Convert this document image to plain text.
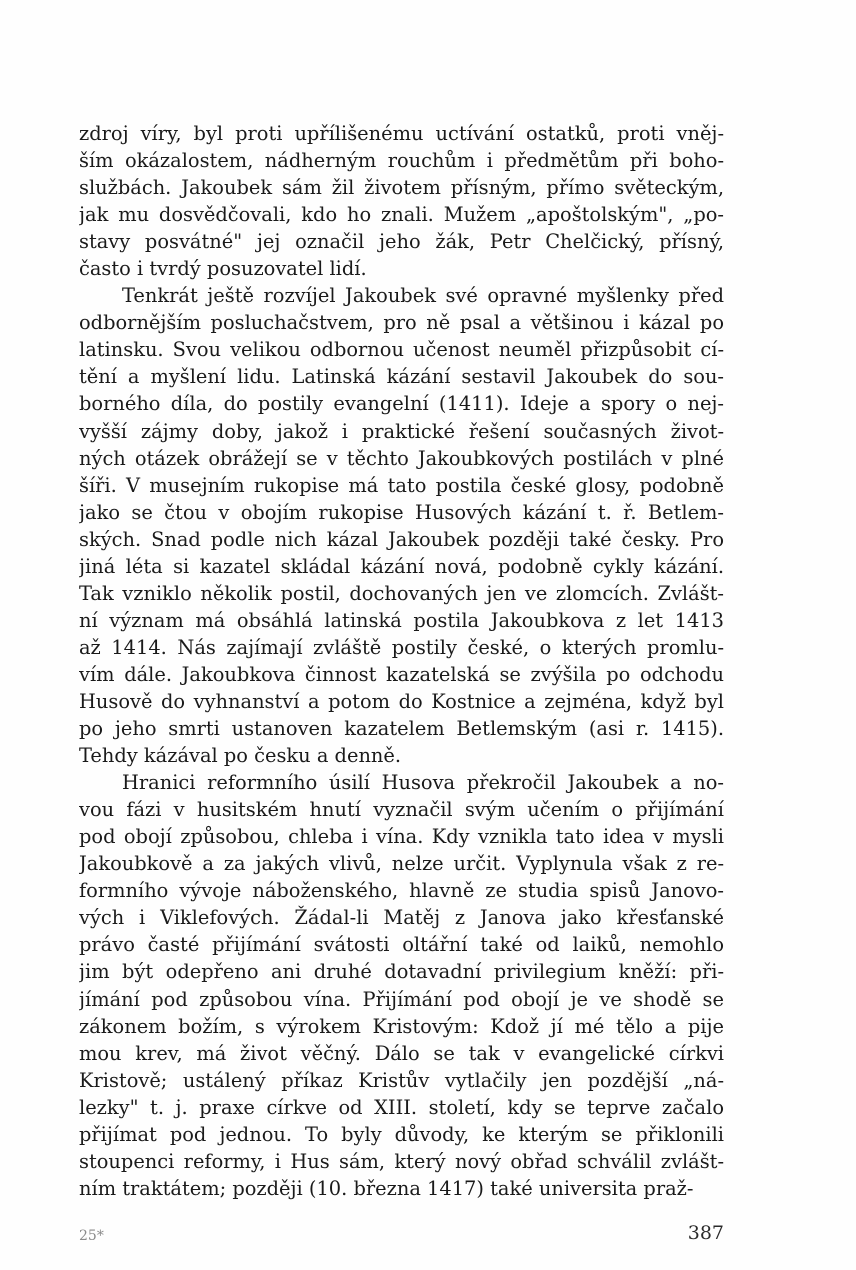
zdroj víry, byl proti upřílišenému uctívání ostatků, proti vněj-
ším okázalostem, nádherným rouchům i předmětům při boho-
službách. Jakoubek sám žil životem přísným, přímo světeckým,
jak mu dosvědčovali, kdo ho znali. Mužem „apoštolským", „po-
stavy posvátné" jej označil jeho žák, Petr Chelčický, přísný,
často i tvrdý posuzovatel lidí.
Tenkrát ještě rozvíjel Jakoubek své opravné myšlenky před
odbornějším posluchačstvem, pro ně psal a většinou i kázal po
latinsku. Svou velikou odbornou učenost neuměl přizpůsobit cí-
tění a myšlení lidu. Latinská kázání sestavil Jakoubek do sou-
borného díla, do postily evangelní (1411). Ideje a spory o nej-
vyšší zájmy doby, jakož i praktické řešení současných život-
ných otázek obrážejí se v těchto Jakoubkových postilách v plné
šíři. V musejním rukopise má tato postila české glosy, podobně
jako se čtou v obojím rukopise Husových kázání t. ř. Betlem-
ských. Snad podle nich kázal Jakoubek později také česky. Pro
jiná léta si kazatel skládal kázání nová, podobně cykly kázání.
Tak vzniklo několik postil, dochovaných jen ve zlomcích. Zvlášt-
ní význam má obsáhlá latinská postila Jakoubkova z let 1413
až 1414. Nás zajímají zvláště postily české, o kterých promlu-
vím dále. Jakoubkova činnost kazatelská se zvýšila po odchodu
Husově do vyhnanství a potom do Kostnice a zejména, když byl
po jeho smrti ustanoven kazatelem Betlemským (asi r. 1415).
Tehdy kázával po česku a denně.
Hranici reformního úsilí Husova překročil Jakoubek a no-
vou fázi v husitském hnutí vyznačil svým učením o přijímání
pod obojí způsobou, chleba i vína. Kdy vznikla tato idea v mysli
Jakoubkově a za jakých vlivů, nelze určit. Vyplynula však z re-
formního vývoje náboženského, hlavně ze studia spisů Janovo-
vých i Viklefových. Žádal-li Matěj z Janova jako křesťanské
právo časté přijímání svátosti oltářní také od laiků, nemohlo
jim být odepřeno ani druhé dotavadní privilegium kněží: při-
jímání pod způsobou vína. Přijímání pod obojí je ve shodě se
zákonem božím, s výrokem Kristovým: Kdož jí mé tělo a pije
mou krev, má život věčný. Dálo se tak v evangelické církvi
Kristově; ustálený příkaz Kristův vytlačily jen pozdější „ná-
lezky" t. j. praxe církve od XIII. století, kdy se teprve začalo
přijímat pod jednou. To byly důvody, ke kterým se přiklonili
stoupenci reformy, i Hus sám, který nový obřad schválil zvlášt-
ním traktátem; později (10. března 1417) také universita praž-
25*	387
